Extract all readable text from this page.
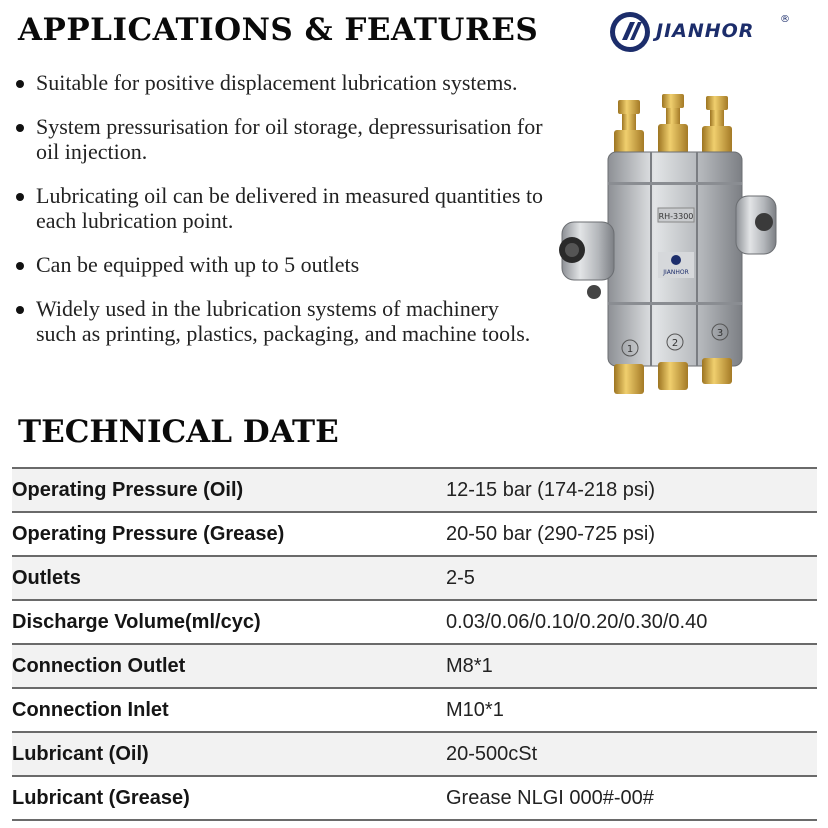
APPLICATIONS & FEATURES	JIANHOR
®
Suitable for positive displacement lubrication systems.
System pressurisation for oil storage, depressurisation for oil injection.
Lubricating oil can be delivered in measured quantities to each lubrication point.
Can be equipped with up to 5 outlets
Widely used in the lubrication systems of machinery such as printing, plastics, packaging, and machine tools.
RH-3300
JIANHOR
1
2
3
TECHNICAL DATE
Operating Pressure (Oil)	12-15 bar (174-218 psi)
Operating Pressure (Grease)	20-50 bar (290-725 psi)
Outlets	2-5
Discharge Volume(ml/cyc)	0.03/0.06/0.10/0.20/0.30/0.40
Connection Outlet	M8*1
Connection Inlet	M10*1
Lubricant (Oil)	20-500cSt
Lubricant (Grease)	Grease NLGI 000#-00#
